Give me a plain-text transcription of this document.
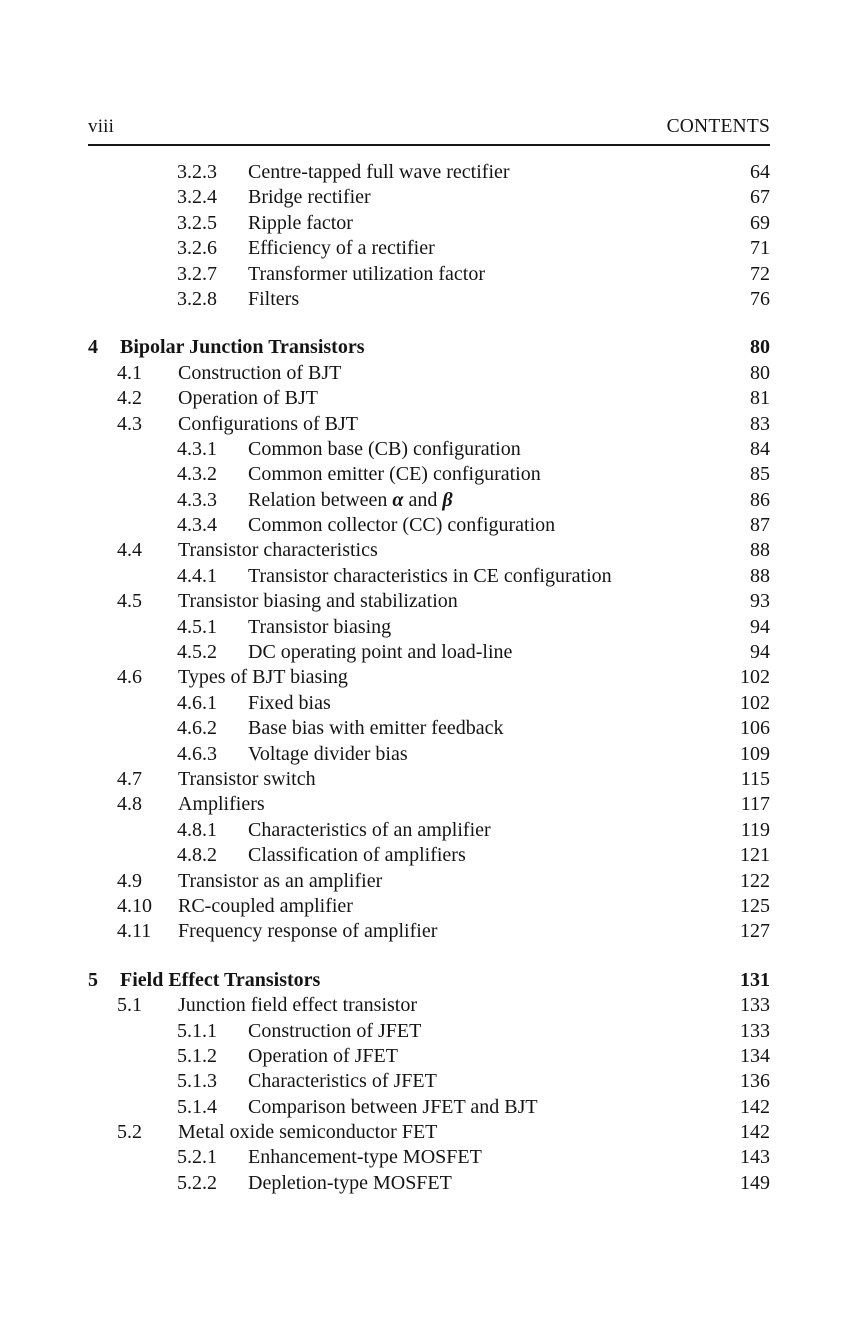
viii	CONTENTS
3.2.3 Centre-tapped full wave rectifier	64
3.2.4 Bridge rectifier	67
3.2.5 Ripple factor	69
3.2.6 Efficiency of a rectifier	71
3.2.7 Transformer utilization factor	72
3.2.8 Filters	76
4 Bipolar Junction Transistors	80
4.1 Construction of BJT	80
4.2 Operation of BJT	81
4.3 Configurations of BJT	83
4.3.1 Common base (CB) configuration	84
4.3.2 Common emitter (CE) configuration	85
4.3.3 Relation between α and β	86
4.3.4 Common collector (CC) configuration	87
4.4 Transistor characteristics	88
4.4.1 Transistor characteristics in CE configuration	88
4.5 Transistor biasing and stabilization	93
4.5.1 Transistor biasing	94
4.5.2 DC operating point and load-line	94
4.6 Types of BJT biasing	102
4.6.1 Fixed bias	102
4.6.2 Base bias with emitter feedback	106
4.6.3 Voltage divider bias	109
4.7 Transistor switch	115
4.8 Amplifiers	117
4.8.1 Characteristics of an amplifier	119
4.8.2 Classification of amplifiers	121
4.9 Transistor as an amplifier	122
4.10 RC-coupled amplifier	125
4.11 Frequency response of amplifier	127
5 Field Effect Transistors	131
5.1 Junction field effect transistor	133
5.1.1 Construction of JFET	133
5.1.2 Operation of JFET	134
5.1.3 Characteristics of JFET	136
5.1.4 Comparison between JFET and BJT	142
5.2 Metal oxide semiconductor FET	142
5.2.1 Enhancement-type MOSFET	143
5.2.2 Depletion-type MOSFET	149
